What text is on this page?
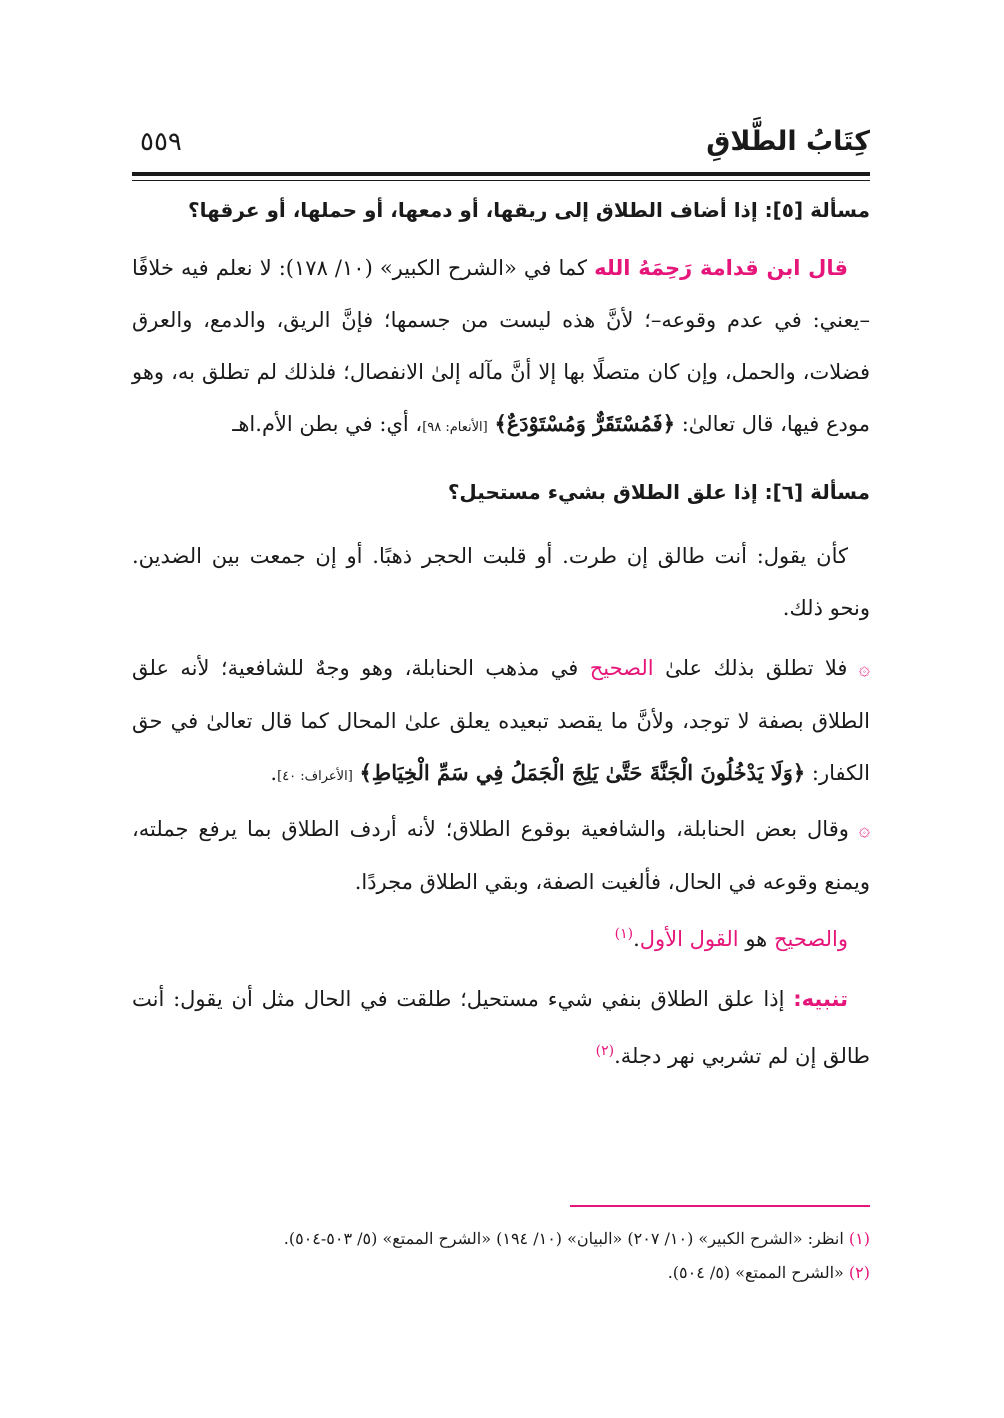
كِتَابُ الطَّلاقِ
٥٥٩
مسألة [٥]: إذا أضاف الطلاق إلى ريقها، أو دمعها، أو حملها، أو عرقها؟

قال ابن قدامة رَحِمَهُ الله كما في «الشرح الكبير» (١٠/ ١٧٨): لا نعلم فيه خلافًا –يعني: في عدم وقوعه–؛ لأنَّ هذه ليست من جسمها؛ فإنَّ الريق، والدمع، والعرق فضلات، والحمل، وإن كان متصلًا بها إلا أنَّ مآله إلىٰ الانفصال؛ فلذلك لم تطلق به، وهو مودع فيها، قال تعالىٰ: ﴿فَمُسْتَقَرٌّ وَمُسْتَوْدَعٌ﴾ [الأنعام: ٩٨]، أي: في بطن الأم.اهـ

مسألة [٦]: إذا علق الطلاق بشيء مستحيل؟

كأن يقول: أنت طالق إن طرت. أو قلبت الحجر ذهبًا. أو إن جمعت بين الضدين. ونحو ذلك.

۞ فلا تطلق بذلك علىٰ الصحيح في مذهب الحنابلة، وهو وجهٌ للشافعية؛ لأنه علق الطلاق بصفة لا توجد، ولأنَّ ما يقصد تبعيده يعلق علىٰ المحال كما قال تعالىٰ في حق الكفار: ﴿وَلَا يَدْخُلُونَ الْجَنَّةَ حَتَّىٰ يَلِجَ الْجَمَلُ فِي سَمِّ الْخِيَاطِ﴾ [الأعراف: ٤٠].

۞ وقال بعض الحنابلة، والشافعية بوقوع الطلاق؛ لأنه أردف الطلاق بما يرفع جملته، ويمنع وقوعه في الحال، فألغيت الصفة، وبقي الطلاق مجردًا.

والصحيح هو القول الأول.$^{(١)}$

تنبيه: إذا علق الطلاق بنفي شيء مستحيل؛ طلقت في الحال مثل أن يقول: أنت طالق إن لم تشربي نهر دجلة.$^{(٢)}$

(١) انظر: «الشرح الكبير» (١٠/ ٢٠٧) «البيان» (١٠/ ١٩٤) «الشرح الممتع» (٥/ ٥٠٣-٥٠٤).

(٢) «الشرح الممتع» (٥/ ٥٠٤).
